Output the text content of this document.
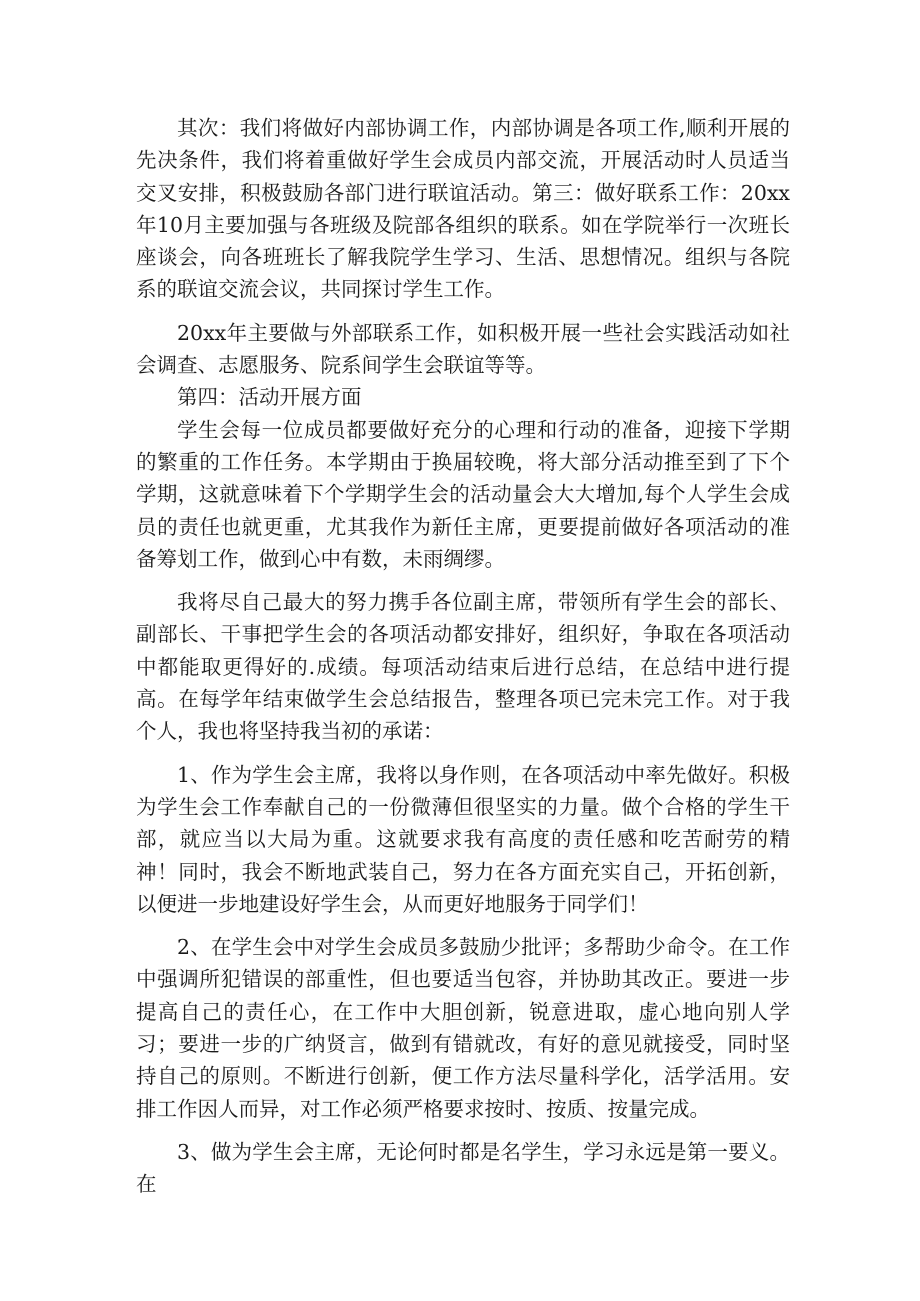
其次：我们将做好内部协调工作，内部协调是各项工作,顺利开展的先决条件，我们将着重做好学生会成员内部交流，开展活动时人员适当交叉安排，积极鼓励各部门进行联谊活动。第三：做好联系工作：20xx年10月主要加强与各班级及院部各组织的联系。如在学院举行一次班长座谈会，向各班班长了解我院学生学习、生活、思想情况。组织与各院系的联谊交流会议，共同探讨学生工作。

20xx年主要做与外部联系工作，如积极开展一些社会实践活动如社会调查、志愿服务、院系间学生会联谊等等。

第四：活动开展方面

学生会每一位成员都要做好充分的心理和行动的准备，迎接下学期的繁重的工作任务。本学期由于换届较晚，将大部分活动推至到了下个学期，这就意味着下个学期学生会的活动量会大大增加,每个人学生会成员的责任也就更重，尤其我作为新任主席，更要提前做好各项活动的准备筹划工作，做到心中有数，未雨绸缪。

我将尽自己最大的努力携手各位副主席，带领所有学生会的部长、副部长、干事把学生会的各项活动都安排好，组织好，争取在各项活动中都能取更得好的.成绩。每项活动结束后进行总结，在总结中进行提高。在每学年结束做学生会总结报告，整理各项已完未完工作。对于我个人，我也将坚持我当初的承诺：

1、作为学生会主席，我将以身作则，在各项活动中率先做好。积极为学生会工作奉献自己的一份微薄但很坚实的力量。做个合格的学生干部，就应当以大局为重。这就要求我有高度的责任感和吃苦耐劳的精神！同时，我会不断地武装自己，努力在各方面充实自己，开拓创新，以便进一步地建设好学生会，从而更好地服务于同学们！

2、在学生会中对学生会成员多鼓励少批评；多帮助少命令。在工作中强调所犯错误的部重性，但也要适当包容，并协助其改正。要进一步提高自己的责任心，在工作中大胆创新，锐意进取，虚心地向别人学习；要进一步的广纳贤言，做到有错就改，有好的意见就接受，同时坚持自己的原则。不断进行创新，便工作方法尽量科学化，活学活用。安排工作因人而异，对工作必须严格要求按时、按质、按量完成。

3、做为学生会主席，无论何时都是名学生，学习永远是第一要义。在
